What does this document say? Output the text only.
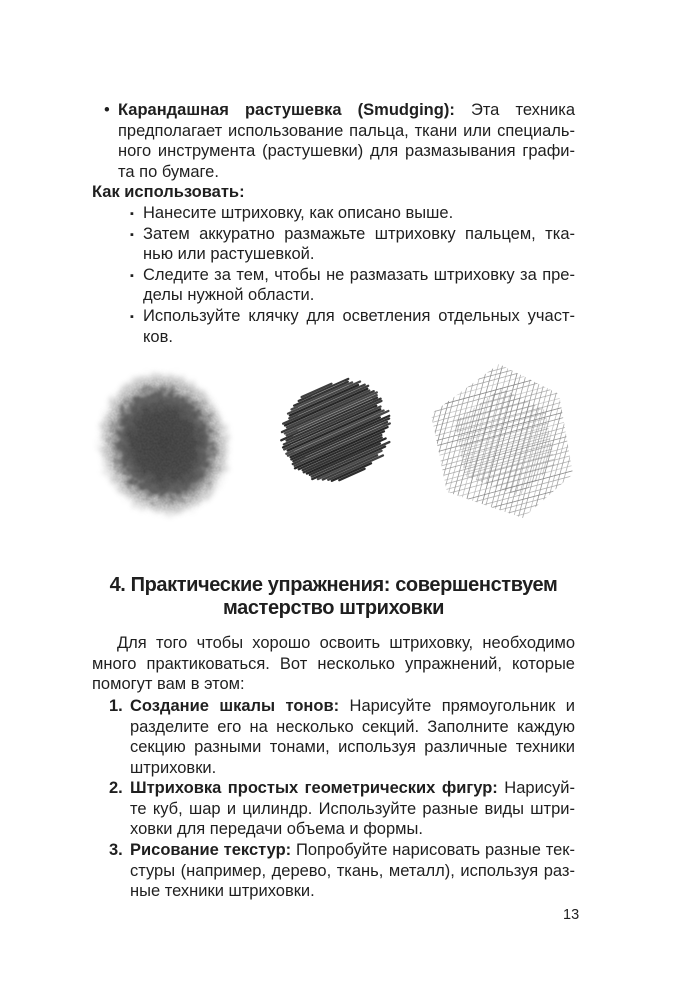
• Карандашная растушевка (Smudging): Эта техника предполагает использование пальца, ткани или специального инструмента (растушевки) для размазывания графита по бумаге.
Как использовать:
▪ Нанесите штриховку, как описано выше.
▪ Затем аккуратно размажьте штриховку пальцем, тканью или растушевкой.
▪ Следите за тем, чтобы не размазать штриховку за пределы нужной области.
▪ Используйте клячку для осветления отдельных участков.
4. Практические упражнения: совершенствуем
мастерство штриховки
Для того чтобы хорошо освоить штриховку, необходимо много практиковаться. Вот несколько упражнений, которые помогут вам в этом:
1. Создание шкалы тонов: Нарисуйте прямоугольник и разделите его на несколько секций. Заполните каждую секцию разными тонами, используя различные техники штриховки.
2. Штриховка простых геометрических фигур: Нарисуйте куб, шар и цилиндр. Используйте разные виды штриховки для передачи объема и формы.
3. Рисование текстур: Попробуйте нарисовать разные текстуры (например, дерево, ткань, металл), используя разные техники штриховки.
13
